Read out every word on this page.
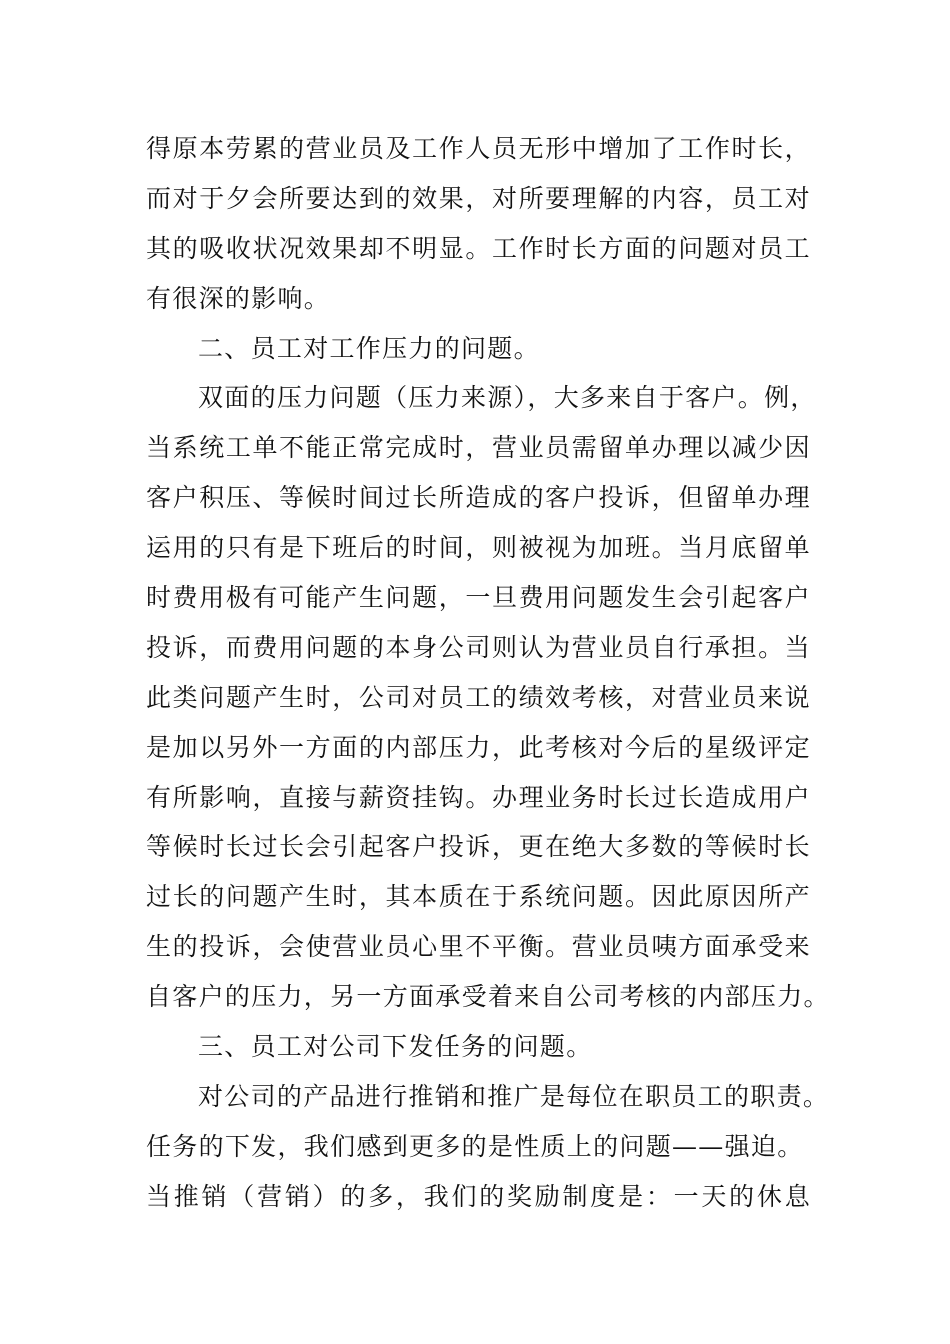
得原本劳累的营业员及工作人员无形中增加了工作时长，
而对于夕会所要达到的效果，对所要理解的内容，员工对
其的吸收状况效果却不明显。工作时长方面的问题对员工
有很深的影响。
二、员工对工作压力的问题。
双面的压力问题（压力来源），大多来自于客户。例，
当系统工单不能正常完成时，营业员需留单办理以减少因
客户积压、等候时间过长所造成的客户投诉，但留单办理
运用的只有是下班后的时间，则被视为加班。当月底留单
时费用极有可能产生问题，一旦费用问题发生会引起客户
投诉，而费用问题的本身公司则认为营业员自行承担。当
此类问题产生时，公司对员工的绩效考核，对营业员来说
是加以另外一方面的内部压力，此考核对今后的星级评定
有所影响，直接与薪资挂钩。办理业务时长过长造成用户
等候时长过长会引起客户投诉，更在绝大多数的等候时长
过长的问题产生时，其本质在于系统问题。因此原因所产
生的投诉，会使营业员心里不平衡。营业员咦方面承受来
自客户的压力，另一方面承受着来自公司考核的内部压力。
三、员工对公司下发任务的问题。
对公司的产品进行推销和推广是每位在职员工的职责。
任务的下发，我们感到更多的是性质上的问题——强迫。
当推销（营销）的多，我们的奖励制度是：一天的休息
